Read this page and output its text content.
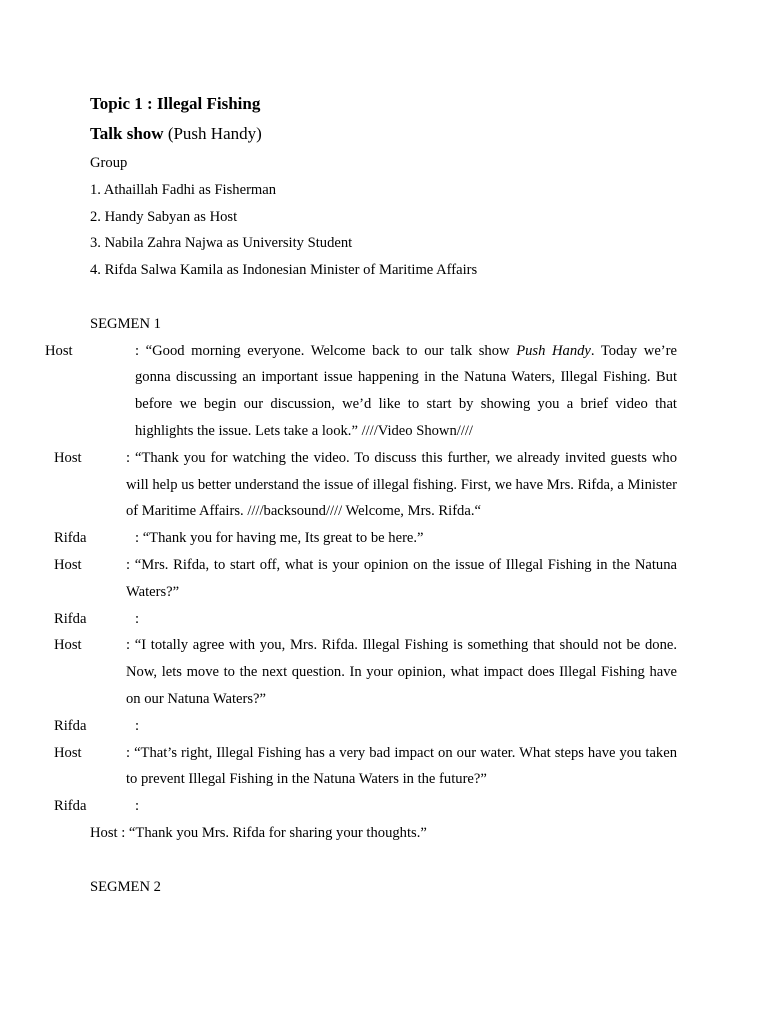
Topic 1 : Illegal Fishing

Talk show (Push Handy)

Group

1. Athaillah Fadhi as Fisherman

2. Handy Sabyan as Host

3. Nabila Zahra Najwa as University Student

4. Rifda Salwa Kamila as Indonesian Minister of Maritime Affairs

SEGMEN 1

Host	: “Good morning everyone. Welcome back to our talk show Push Handy. Today we’re gonna discussing an important issue happening in the Natuna Waters, Illegal Fishing. But before we begin our discussion, we’d like to start by showing you a brief video that highlights the issue. Lets take a look.” ////Video Shown////

Host	: “Thank you for watching the video. To discuss this further, we already invited guests who will help us better understand the issue of illegal fishing. First, we have Mrs. Rifda, a Minister of Maritime Affairs. ////backsound//// Welcome, Mrs. Rifda.“

Rifda	: “Thank you for having me, Its great to be here.”

Host	: “Mrs. Rifda, to start off, what is your opinion on the issue of Illegal Fishing in the Natuna Waters?”

Rifda	:

Host	: “I totally agree with you, Mrs. Rifda. Illegal Fishing is something that should not be done. Now, lets move to the next question. In your opinion, what impact does Illegal Fishing have on our Natuna Waters?”

Rifda	:

Host	: “That’s right, Illegal Fishing has a very bad impact on our water. What steps have you taken to prevent Illegal Fishing in the Natuna Waters in the future?”

Rifda	:

Host : “Thank you Mrs. Rifda for sharing your thoughts.”

SEGMEN 2
